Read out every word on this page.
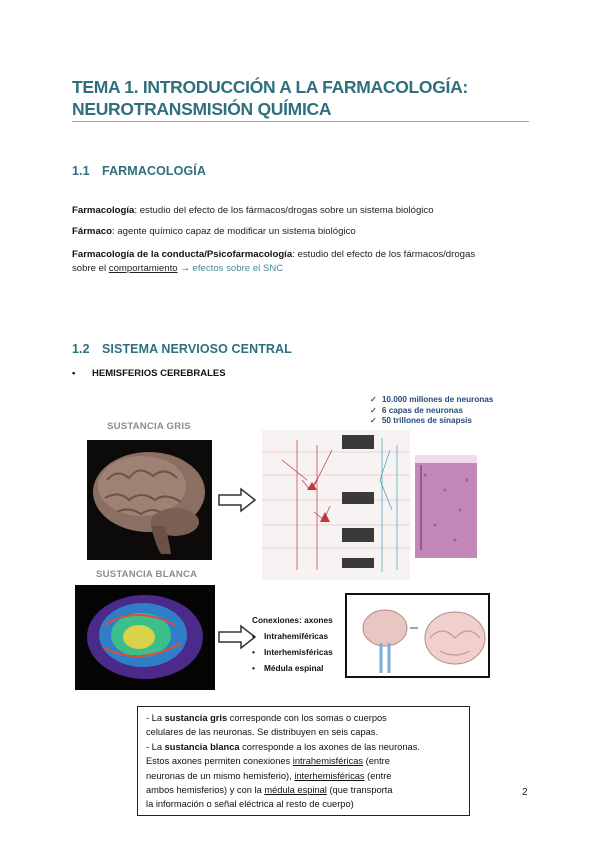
TEMA 1. INTRODUCCIÓN A LA FARMACOLOGÍA:
NEUROTRANSMISIÓN QUÍMICA
1.1 FARMACOLOGÍA
Farmacología: estudio del efecto de los fármacos/drogas sobre un sistema biológico
Fármaco: agente químico capaz de modificar un sistema biológico
Farmacología de la conducta/Psicofarmacología: estudio del efecto de los fármacos/drogas
sobre el comportamiento → efectos sobre el SNC
1.2 SISTEMA NERVIOSO CENTRAL
• HEMISFERIOS CEREBRALES
SUSTANCIA GRIS
SUSTANCIA BLANCA
✓ 10.000 millones de neuronas
✓ 6 capas de neuronas
✓ 50 trillones de sinapsis
Conexiones: axones
• Intrahemiféricas
• Interhemisféricas
• Médula espinal
- La sustancia gris corresponde con los somas o cuerpos
celulares de las neuronas. Se distribuyen en seis capas.
- La sustancia blanca corresponde a los axones de las neuronas.
Estos axones permiten conexiones intrahemisféricas (entre
neuronas de un mismo hemisferio), interhemisféricas (entre
ambos hemisferios) y con la médula espinal (que transporta
la información o señal eléctrica al resto de cuerpo)
2
